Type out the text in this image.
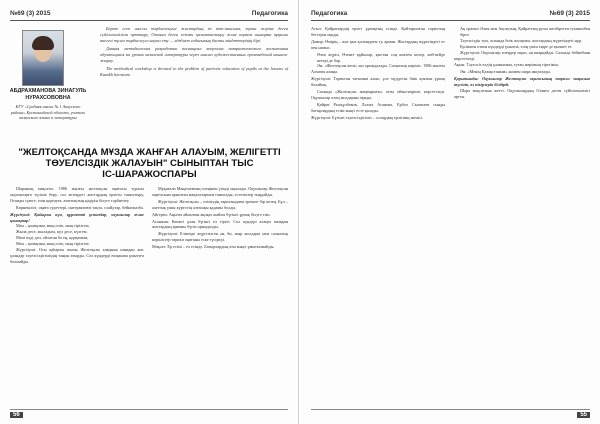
№69 (3) 2015	Педагогика
АБДРАХМАНОВА ЗИНАГУЛЬ НУРАХСОВОВНА
КГУ «Средняя школа № 1 Аккуского района» Қостанайской области, учитель казахского языка и литературы

Береке есеп шы-ғы тәрбиеленуші жастардың өз ата-анасына, туған жеріне деген сүйіспеншілігін арттыру, Отанға деген сезімін қалыптастыру және көркем шығарма арқылы өнегелі тұлға тәрбиелеуге ықпал ету — әдебиет сабағының басты міндеттерінің бірі.

Данная методическая разработка посвящена вопросам патриотического воспитания обучающихся на уроках казахской литературы через анализ художественных произведений акынов-жырау.

The methodical workshop is devoted to the problem of patriotic education of pupils at the lessons of Kazakh literature.

"ЖЕЛТОҚСАНДА МҰЗДА ЖАНҒАН АЛАУЫМ, ЖЕЛІГЕТТІ
ТӨУЕЛСІЗДІК ЖАЛАУЫН" СЫНЫПТАН ТЫС
ІС-ШАРАЖОСПАРЫ

Шараның мақсаты: 1986 жылғы желтоқсан оқиғасы туралы оқушыларға түсінік беру, сол кезеңдегі жастардың ерлігін таныстыру, Отанды сүюге, елін қорғауға, азаттықтың қадірін білуге тәрбиелеу.

Көрнекілігі: оқиға суреттері, интерактивті тақта, слайдтар, бейнежазба.

Жүргізуші: Қайырлы күн, құрметті ұстаздар, оқушылар және қонақтар!

Мен – қазақпын, мың өліп, мың тірілгем,

Жыла десе, жыладым, күл десе, күлгем.

Мені өлді деп, ойлаған ба ең, қорқамын,

Мен – қазақпын, мың өліп, мың тірілгем.

Жүргізуші: Осы қаһарлы жылы Желтоқсан алаңына шыққан жас ұландар тәуелсіздігіміздің таңын атырды. Сол күндерді ешқашан ұмытуға болмайды.

Мұқағали Мақатаевтың өлеңінен үзінді оқылады. Оқушылар Желтоқсан оқиғасына арналған мақалалармен танысады, естеліктер тыңдайды.

Жүргізуші: Желтоқсан – еліміздің тарихындағы ерекше бір кезең. Бұл – азаттық үшін күрестің алғашқы қадамы болды.

Айгерім: Аңызға айналған ақиқат жайлы бүгінгі ұрпақ білуге тиіс.

Асанжан: Кешегі ұлан бүгінгі ел тірегі. Сол күндері алаңға шыққан жастардың арманы бүгін орындалды.

Жүргізуші: Елімізде жүргізілген ән, би, жыр жолдары мен сахналық көріністер тарихи оқиғаны еске түсіреді.

Мақсат: Ер есімі – ел есінде. Батырлардың аты мәңгі ұмытылмайды.

56
Педагогика	№69 (3) 2015

Асыл: Қайраткердің ерлігі ұрпақтың есінде. Қайтарылған тарихтың беттерін оқиды.

Дамир: Өмірің – жас қыз қолындағы ту, арман. Жастардың жүрегіндегі от пен намыс.

Өзен жүріп, Өзенге құйылар, қыстан соң көктем келер, кей-кейде кетері де бар.

Ән: «Желтоқсан желі» әні орындалады. Сахналық көрініс: 1986 жылғы Алматы алаңы.

Жүргізуші: Тарихтан тағылым алып, ұлт мүддесін биік қоятын ұрпақ болайық.

Сахнада «Желтоқсан жаңғырығы» атты ойын-көрініс көрсетіледі. Оқушылар өлең жолдарын оқиды.

Қайрат Рысқұлбеков, Ләззат Асанова, Ербол Сыпатаев сынды батырлардың есімі мәңгі есте қалады.

Жүргізуші: Бүгінгі тәуелсіздігіміз – солардың ерлігінің жемісі.

Ақ орамал Әлия мен Ақсақтың, Қайраттың рухы желбіреген туымызбен бірге.

Тәуелсіздік туы, аспанда биік жалауым, жастардың жүрегіндегі нұр,

Ерлікпен өткен күндерді ұмытпа, елің үшін еңіре де қызмет ет.

Жүргізуші: Оқушылар өлеңдер оқып, ән шырқайды. Сахнада бейнебаян көрсетіледі.

Ақын: Тәуелсіз елдің ұланымын, туған жерімнің тірегімін.

Ән: «Менің Қазақстаным» әнімен шара аяқталады.

Қорытынды: Оқушылар Желтоқсан оқиғасының тарихи маңызын түсініп, өз пікірлерін білдірді.

Шара мақсатына жетті. Оқушылардың Отанға деген сүйіспеншілігі артты.

55
